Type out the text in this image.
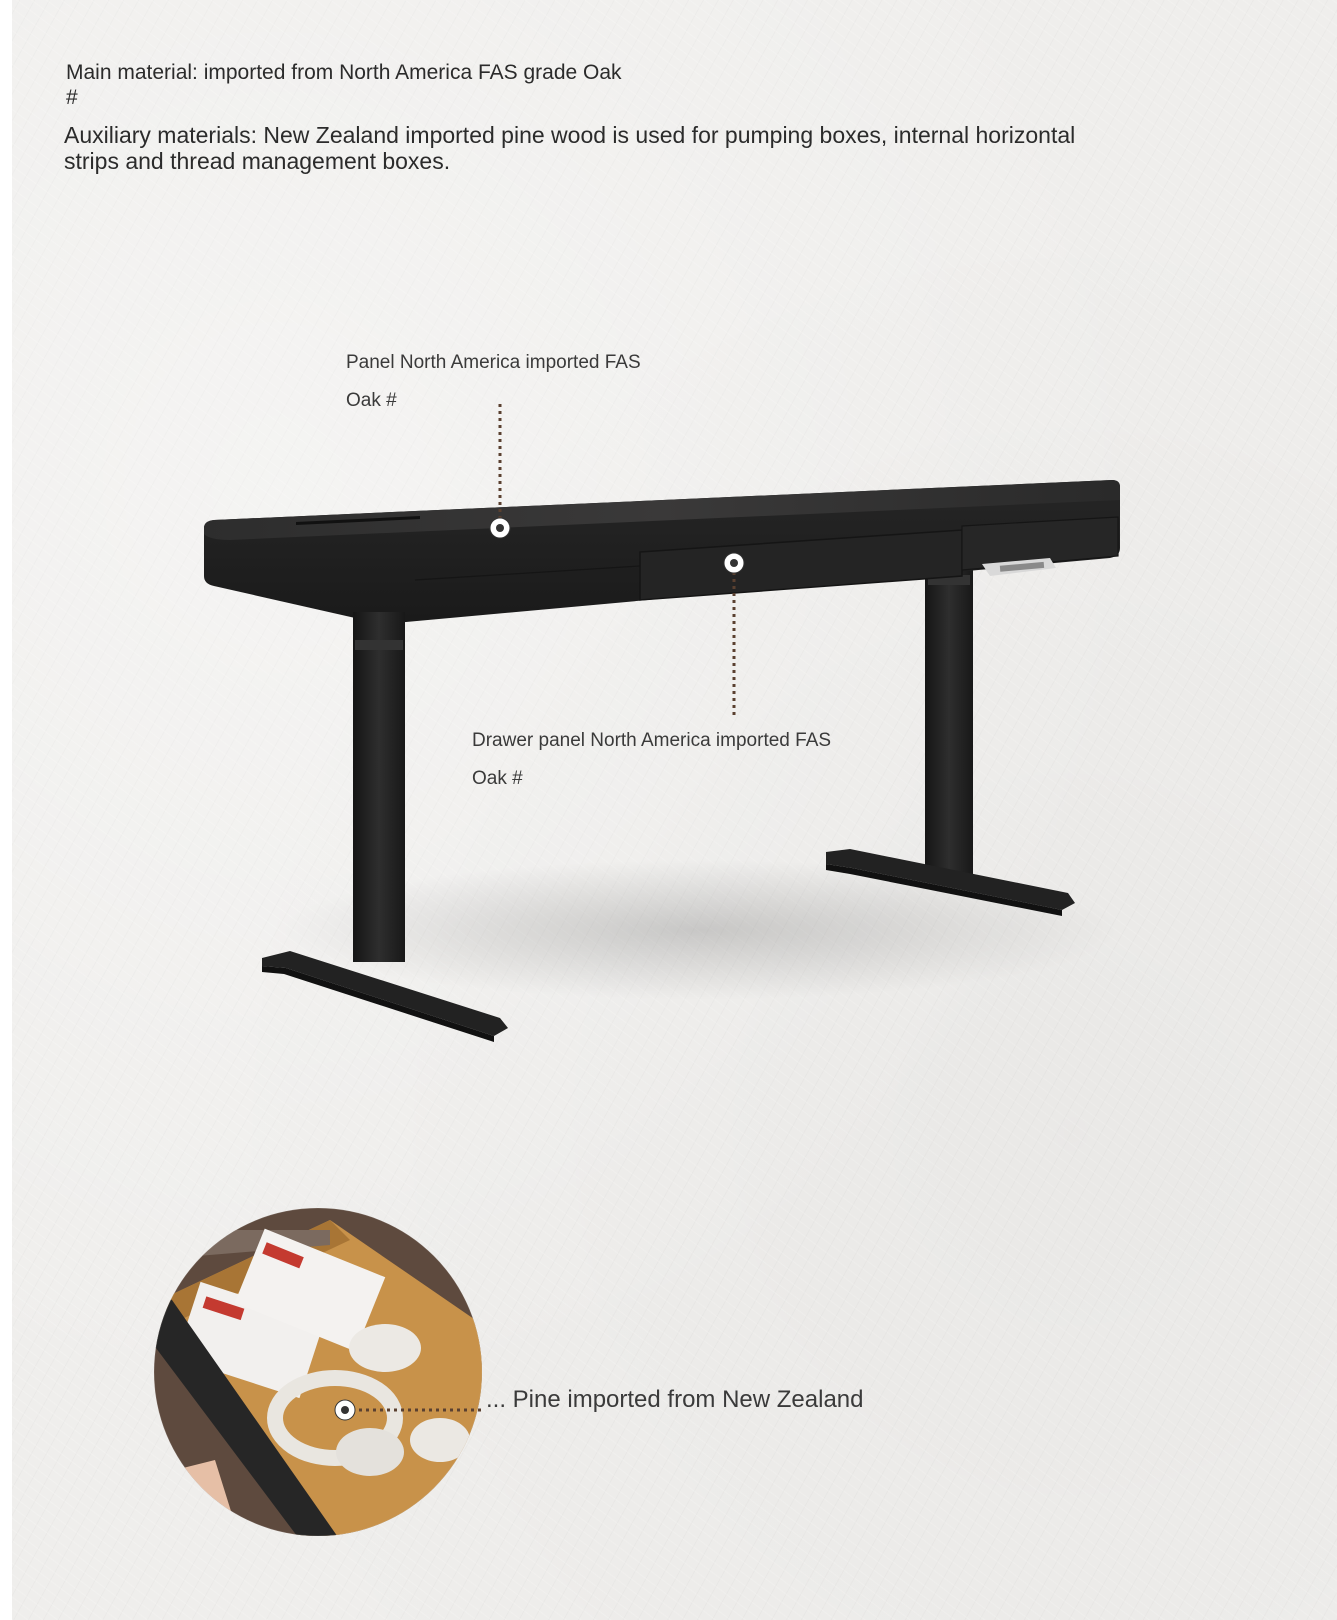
Main material: imported from North America FAS grade Oak #
Auxiliary materials: New Zealand imported pine wood is used for pumping boxes, internal horizontal strips and thread management boxes.
Panel North America imported FAS
Oak #
Drawer panel North America imported FAS
Oak #
... Pine imported from New Zealand
